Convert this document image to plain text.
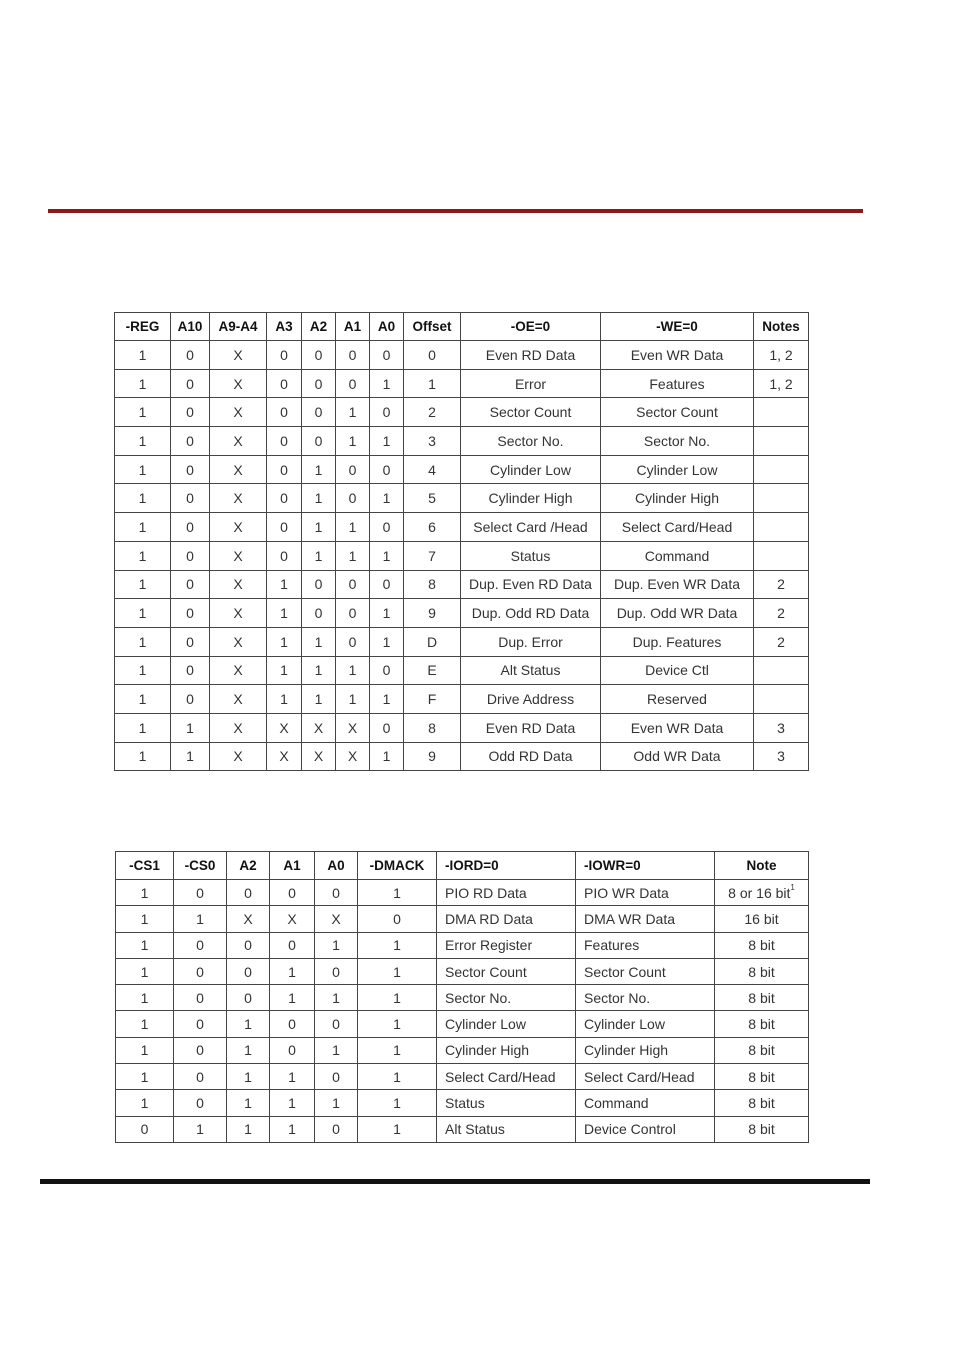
-REG	A10	A9-A4	A3	A2	A1	A0	Offset	-OE=0	-WE=0	Notes
1	0	X	0	0	0	0	0	Even RD Data	Even WR Data	1, 2
1	0	X	0	0	0	1	1	Error	Features	1, 2
1	0	X	0	0	1	0	2	Sector Count	Sector Count	
1	0	X	0	0	1	1	3	Sector No.	Sector No.	
1	0	X	0	1	0	0	4	Cylinder Low	Cylinder Low	
1	0	X	0	1	0	1	5	Cylinder High	Cylinder High	
1	0	X	0	1	1	0	6	Select Card /Head	Select Card/Head	
1	0	X	0	1	1	1	7	Status	Command	
1	0	X	1	0	0	0	8	Dup. Even RD Data	Dup. Even WR Data	2
1	0	X	1	0	0	1	9	Dup. Odd RD Data	Dup. Odd WR Data	2
1	0	X	1	1	0	1	D	Dup. Error	Dup. Features	2
1	0	X	1	1	1	0	E	Alt Status	Device Ctl	
1	0	X	1	1	1	1	F	Drive Address	Reserved	
1	1	X	X	X	X	0	8	Even RD Data	Even WR Data	3
1	1	X	X	X	X	1	9	Odd RD Data	Odd WR Data	3
-CS1	-CS0	A2	A1	A0	-DMACK	-IORD=0	-IOWR=0	Note
1	0	0	0	0	1	PIO RD Data	PIO WR Data	8 or 16 bit$^1$
1	1	X	X	X	0	DMA RD Data	DMA WR Data	16 bit
1	0	0	0	1	1	Error Register	Features	8 bit
1	0	0	1	0	1	Sector Count	Sector Count	8 bit
1	0	0	1	1	1	Sector No.	Sector No.	8 bit
1	0	1	0	0	1	Cylinder Low	Cylinder Low	8 bit
1	0	1	0	1	1	Cylinder High	Cylinder High	8 bit
1	0	1	1	0	1	Select Card/Head	Select Card/Head	8 bit
1	0	1	1	1	1	Status	Command	8 bit
0	1	1	1	0	1	Alt Status	Device Control	8 bit
